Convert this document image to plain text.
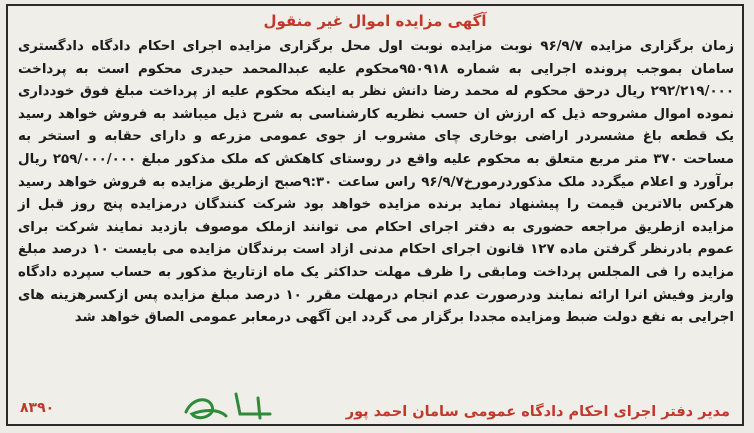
آگهی مزایده اموال غیر منقول

زمان برگزاری مزایده ۹۶/۹/۷ نوبت مزایده نوبت اول محل برگزاری مزایده اجرای احکام دادگاه دادگستری سامان بموجب پرونده اجرایی به شماره ۹۵۰۹۱۸محکوم علیه عبدالمحمد حیدری محکوم است به پرداخت ۲۹۲/۲۱۹/۰۰۰ ریال درحق محکوم له محمد رضا دانش نظر به اینکه محکوم علیه از پرداخت مبلغ فوق خودداری نموده اموال مشروحه ذیل که ارزش ان حسب نظریه کارشناسی به شرح ذیل میباشد به فروش خواهد رسید یک قطعه باغ مشسردر اراضی بوخاری چای مشروب از جوی عمومی مزرعه و دارای حقابه و استخر به مساحت ۳۷۰ متر مربع متعلق به محکوم علیه واقع در روستای کاهکش که ملک مذکور مبلغ ۲۵۹/۰۰۰/۰۰۰ ریال برآورد و اعلام میگردد ملک مذکوردرمورخ۹۶/۹/۷ راس ساعت ۹:۳۰صبح ازطریق مزایده به فروش خواهد رسید هرکس بالاترین قیمت را پیشنهاد نماید برنده مزایده خواهد بود شرکت کنندگان درمزایده پنج روز قبل از مزایده ازطریق مراجعه حضوری به دفتر اجرای احکام می توانند ازملک موصوف بازدید نمایند شرکت برای عموم بادرنظر گرفتن ماده ۱۲۷ قانون اجرای احکام مدنی ازاد است برندگان مزایده می بایست ۱۰ درصد مبلغ مزایده را فی المجلس پرداخت ومابقی را ظرف مهلت حداکثر یک ماه ازتاریخ مذکور به حساب سپرده دادگاه واریز وفیش انرا ارائه نمایند ودرصورت عدم انجام درمهلت مقرر ۱۰ درصد مبلغ مزایده پس ازکسرهزینه های اجرایی به نفع دولت ضبط ومزایده مجددا برگزار می گردد این آگهی درمعابر عمومی الصاق خواهد شد

۸۳۹۰	مدیر دفتر اجرای احکام دادگاه عمومی سامان احمد پور
